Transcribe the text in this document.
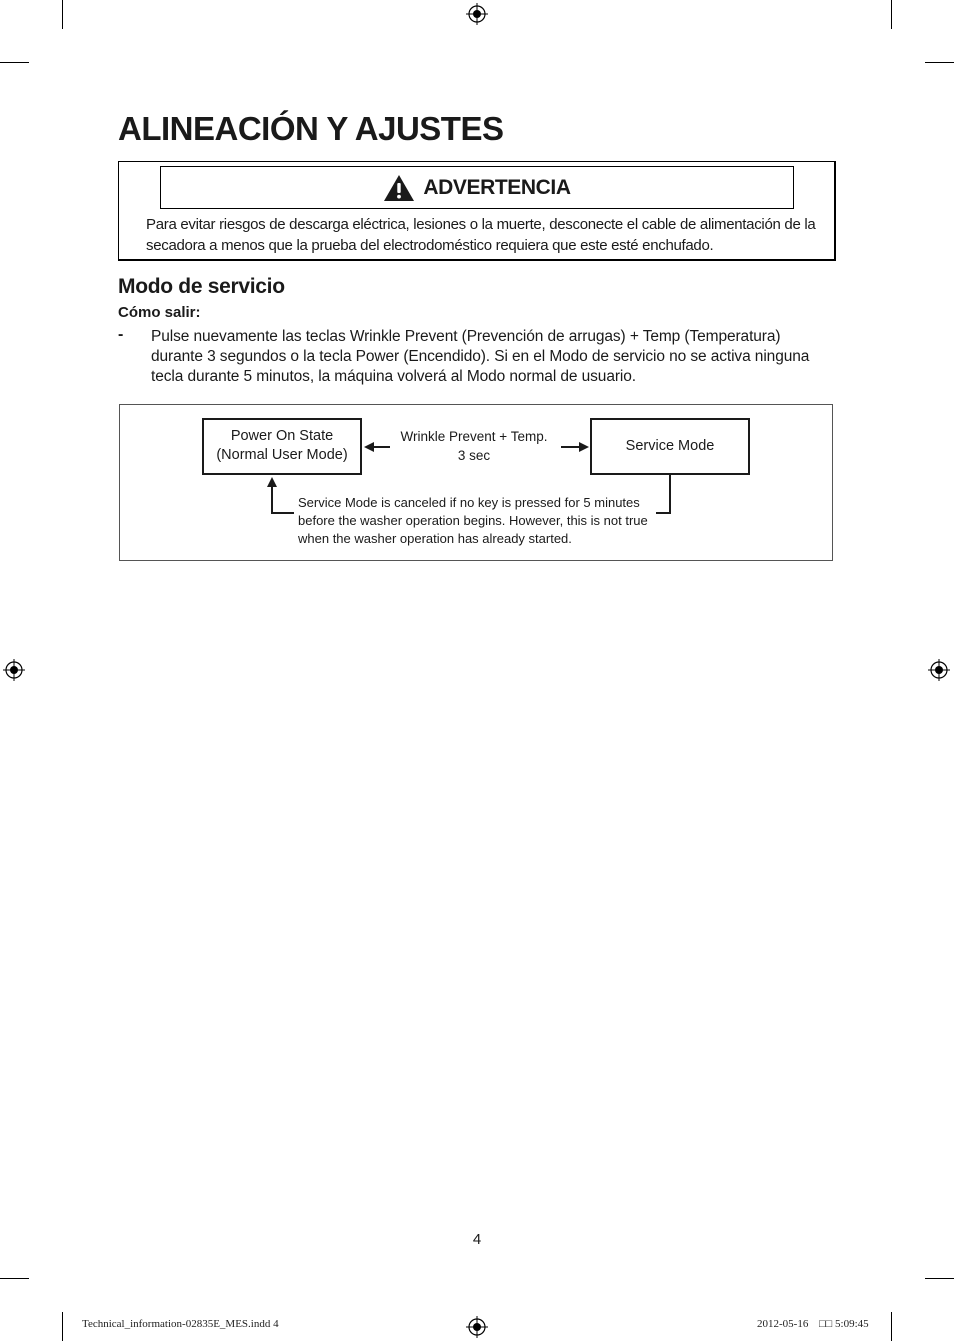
ALINEACIÓN Y AJUSTES
ADVERTENCIA
Para evitar riesgos de descarga eléctrica, lesiones o la muerte, desconecte el cable de alimentación de la secadora a menos que la prueba del electrodoméstico requiera que este esté enchufado.
Modo de servicio
Cómo salir:
- Pulse nuevamente las teclas Wrinkle Prevent (Prevención de arrugas) + Temp (Temperatura) durante 3 segundos o la tecla Power (Encendido). Si en el Modo de servicio no se activa ninguna tecla durante 5 minutos, la máquina volverá al Modo normal de usuario.
Power On State
(Normal User Mode)
Service Mode
Wrinkle Prevent + Temp.
3 sec
Service Mode is canceled if no key is pressed for 5 minutes
before the washer operation begins. However, this is not true
when the washer operation has already started.
4
Technical_information-02835E_MES.indd 4	2012-05-16 □□ 5:09:45
